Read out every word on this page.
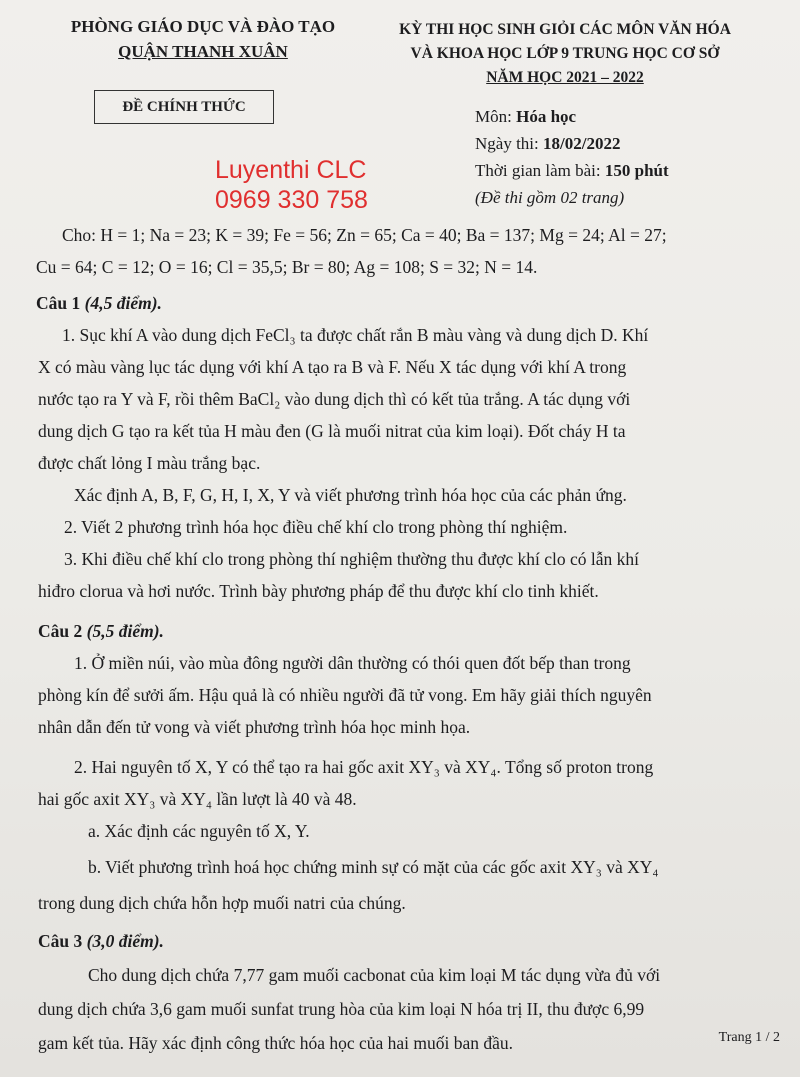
PHÒNG GIÁO DỤC VÀ ĐÀO TẠO
QUẬN THANH XUÂN
KỲ THI HỌC SINH GIỎI CÁC MÔN VĂN HÓA
VÀ KHOA HỌC LỚP 9 TRUNG HỌC CƠ SỞ
NĂM HỌC 2021 – 2022
ĐỀ CHÍNH THỨC	Môn: Hóa học
Ngày thi: 18/02/2022
Thời gian làm bài: 150 phút
(Đề thi gồm 02 trang)
Luyenthi CLC
0969 330 758
Cho: H = 1; Na = 23; K = 39; Fe = 56; Zn = 65; Ca = 40; Ba = 137; Mg = 24; Al = 27;
Cu = 64; C = 12; O = 16; Cl = 35,5; Br = 80; Ag = 108; S = 32; N = 14.
Câu 1 (4,5 điểm).
1. Sục khí A vào dung dịch FeCl₃ ta được chất rắn B màu vàng và dung dịch D. Khí
X có màu vàng lục tác dụng với khí A tạo ra B và F. Nếu X tác dụng với khí A trong
nước tạo ra Y và F, rồi thêm BaCl₂ vào dung dịch thì có kết tủa trắng. A tác dụng với
dung dịch G tạo ra kết tủa H màu đen (G là muối nitrat của kim loại). Đốt cháy H ta
được chất lỏng I màu trắng bạc.
Xác định A, B, F, G, H, I, X, Y và viết phương trình hóa học của các phản ứng.
2. Viết 2 phương trình hóa học điều chế khí clo trong phòng thí nghiệm.
3. Khi điều chế khí clo trong phòng thí nghiệm thường thu được khí clo có lẫn khí
hiđro clorua và hơi nước. Trình bày phương pháp để thu được khí clo tinh khiết.
Câu 2 (5,5 điểm).
1. Ở miền núi, vào mùa đông người dân thường có thói quen đốt bếp than trong
phòng kín để sưởi ấm. Hậu quả là có nhiều người đã tử vong. Em hãy giải thích nguyên
nhân dẫn đến tử vong và viết phương trình hóa học minh họa.
2. Hai nguyên tố X, Y có thể tạo ra hai gốc axit XY₃ và XY₄. Tổng số proton trong
hai gốc axit XY₃ và XY₄ lần lượt là 40 và 48.
a. Xác định các nguyên tố X, Y.
b. Viết phương trình hoá học chứng minh sự có mặt của các gốc axit XY₃ và XY₄
trong dung dịch chứa hỗn hợp muối natri của chúng.
Câu 3 (3,0 điểm).
Cho dung dịch chứa 7,77 gam muối cacbonat của kim loại M tác dụng vừa đủ với
dung dịch chứa 3,6 gam muối sunfat trung hòa của kim loại N hóa trị II, thu được 6,99
gam kết tủa. Hãy xác định công thức hóa học của hai muối ban đầu.	Trang 1 / 2
